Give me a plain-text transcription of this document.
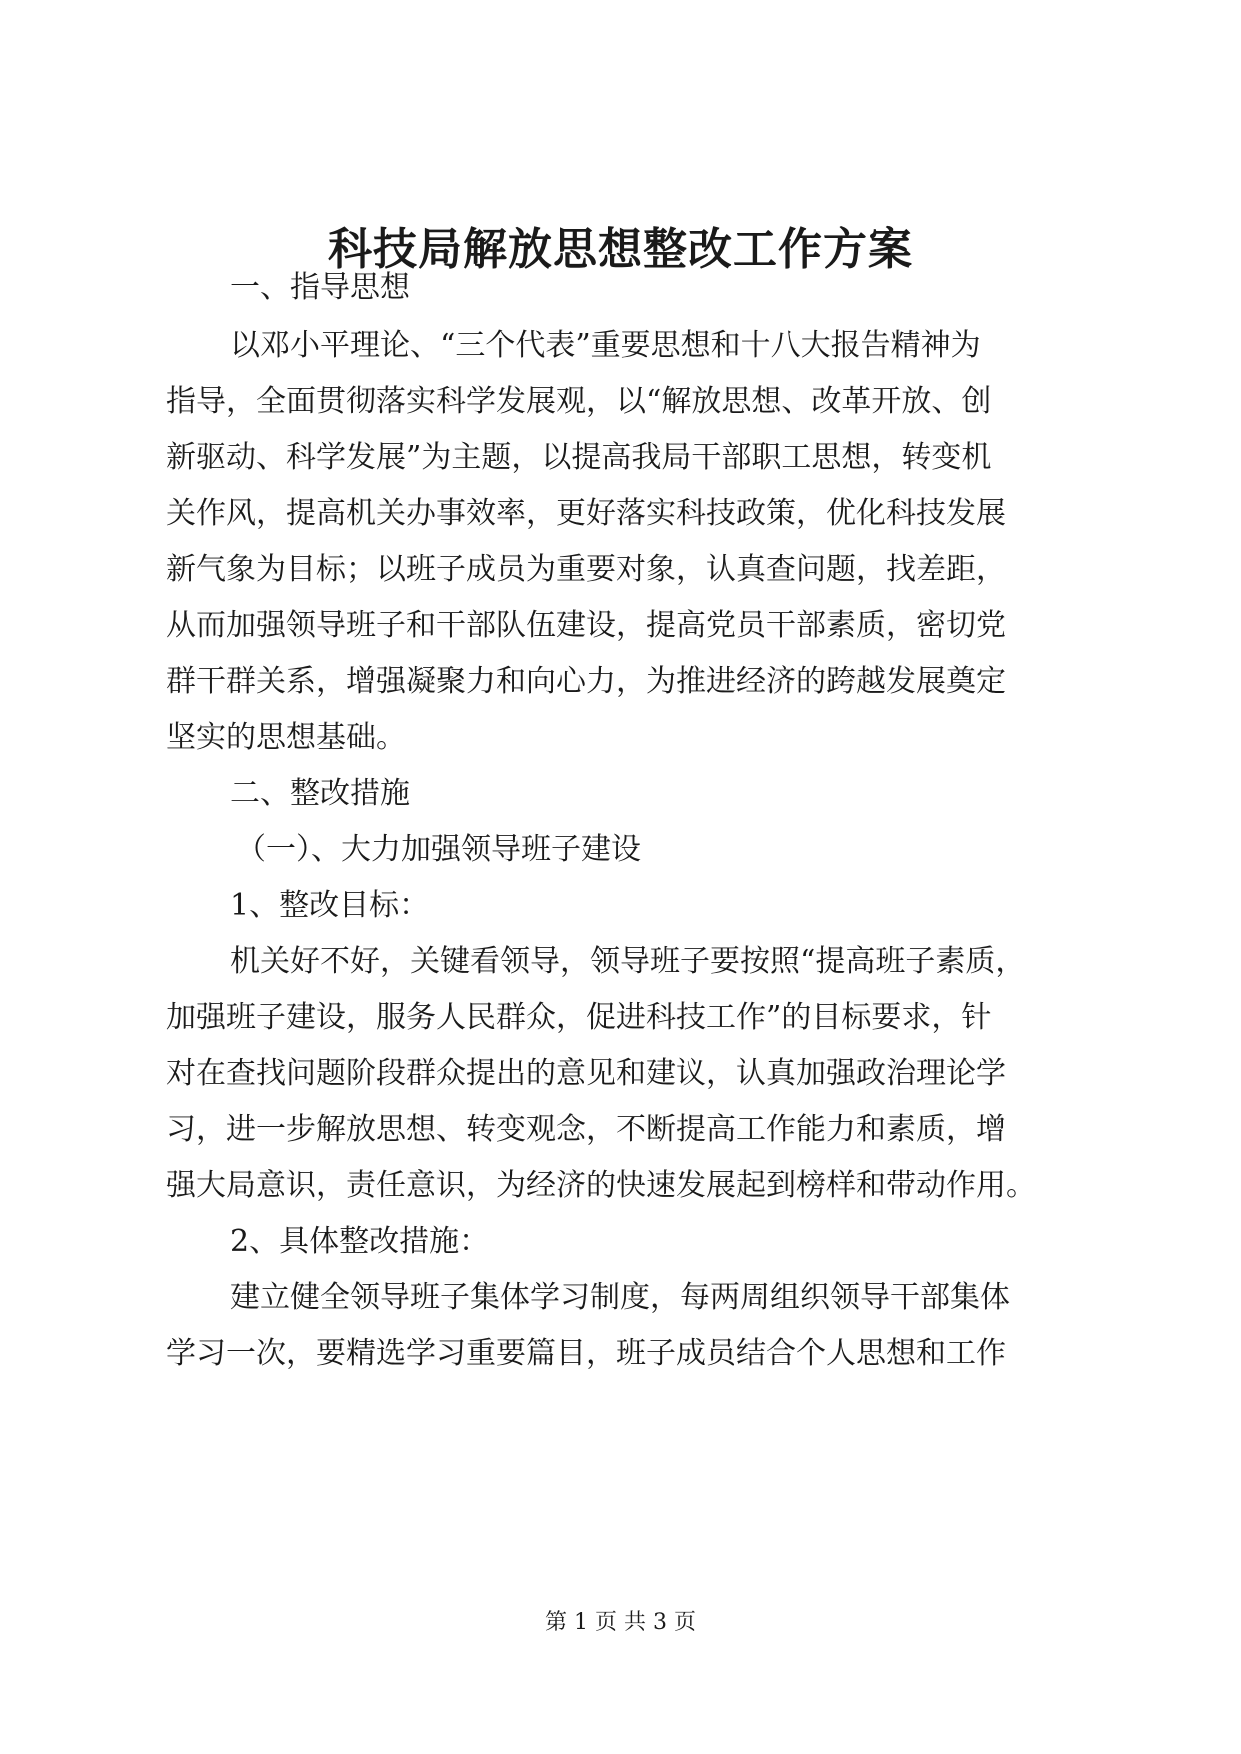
科技局解放思想整改工作方案
一、指导思想
以邓小平理论、“三个代表”重要思想和十八大报告精神为
指导，全面贯彻落实科学发展观，以“解放思想、改革开放、创
新驱动、科学发展”为主题，以提高我局干部职工思想，转变机
关作风，提高机关办事效率，更好落实科技政策，优化科技发展
新气象为目标；以班子成员为重要对象，认真查问题，找差距，
从而加强领导班子和干部队伍建设，提高党员干部素质，密切党
群干群关系，增强凝聚力和向心力，为推进经济的跨越发展奠定
坚实的思想基础。
二、整改措施
（一）、大力加强领导班子建设
1、整改目标：
机关好不好，关键看领导，领导班子要按照“提高班子素质，
加强班子建设，服务人民群众，促进科技工作”的目标要求，针
对在查找问题阶段群众提出的意见和建议，认真加强政治理论学
习，进一步解放思想、转变观念，不断提高工作能力和素质，增
强大局意识，责任意识，为经济的快速发展起到榜样和带动作用。
2、具体整改措施：
建立健全领导班子集体学习制度，每两周组织领导干部集体
学习一次，要精选学习重要篇目，班子成员结合个人思想和工作
第 1 页 共 3 页
